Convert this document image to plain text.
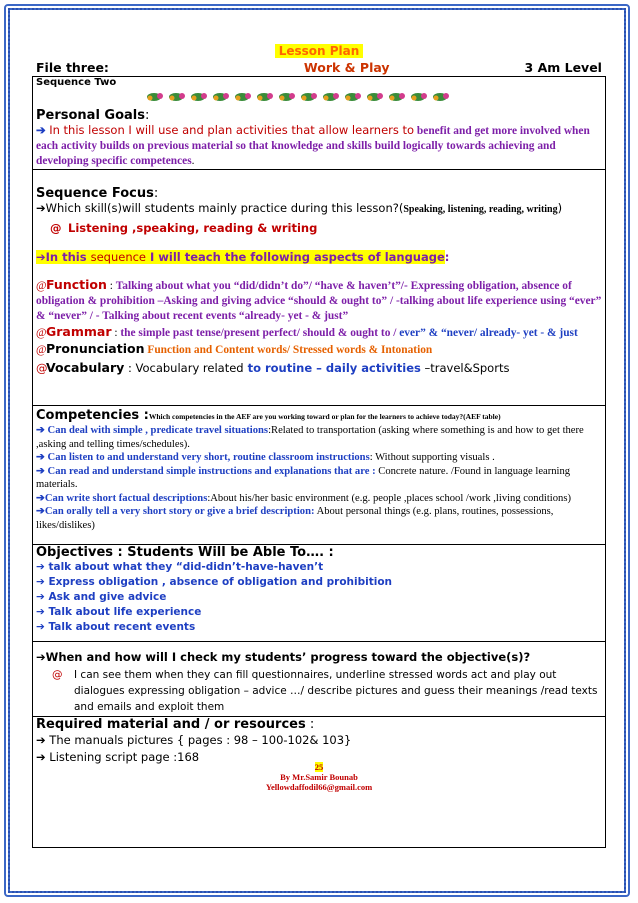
Lesson Plan
File three:	Work & Play	3 Am Level
Sequence Two
Personal Goals:
➔ In this lesson I will use and plan activities that allow learners to benefit and get more involved when each activity builds on previous material so that knowledge and skills build logically towards achieving and developing specific competences.

Sequence Focus:
➔Which skill(s)will students mainly practice during this lesson?(Speaking, listening, reading, writing)
@ Listening ,speaking, reading & writing
➔In this sequence I will teach the following aspects of language:
@Function : Talking about what you “did/didn’t do”/ “have & haven’t”/- Expressing obligation, absence of obligation & prohibition –Asking and giving advice “should & ought to” / -talking about life experience using “ever” & “never” / - Talking about recent events “already- yet - & just”
@Grammar : the simple past tense/present perfect/ should & ought to / ever” & “never/ already- yet - & just
@Pronunciation Function and Content words/ Stressed words & Intonation
@Vocabulary : Vocabulary related to routine – daily activities –travel&Sports

Competencies :Which competencies in the AEF are you working toward or plan for the learners to achieve today?(AEF table)
➔ Can deal with simple , predicate travel situations:Related to transportation (asking where something is and how to get there ,asking and telling times/schedules).
➔ Can listen to and understand very short, routine classroom instructions: Without supporting visuals .
➔ Can read and understand simple instructions and explanations that are : Concrete nature. /Found in language learning materials.
➔Can write short factual descriptions:About his/her basic environment (e.g. people ,places school /work ,living conditions)
➔Can orally tell a very short story or give a brief description: About personal things (e.g. plans, routines, possessions, likes/dislikes)

Objectives : Students Will be Able To…. :
➔ talk about what they “did-didn’t-have-haven’t
➔ Express obligation , absence of obligation and prohibition
➔ Ask and give advice
➔ Talk about life experience
➔ Talk about recent events

➔When and how will I check my students’ progress toward the objective(s)?
@ I can see them when they can fill questionnaires, underline stressed words act and play out dialogues expressing obligation – advice …/ describe pictures and guess their meanings /read texts and emails and exploit them

Required material and / or resources :
➔ The manuals pictures { pages : 98 – 100-102& 103}
➔ Listening script page :168
25
By Mr.Samir Bounab
Yellowdaffodil66@gmail.com
